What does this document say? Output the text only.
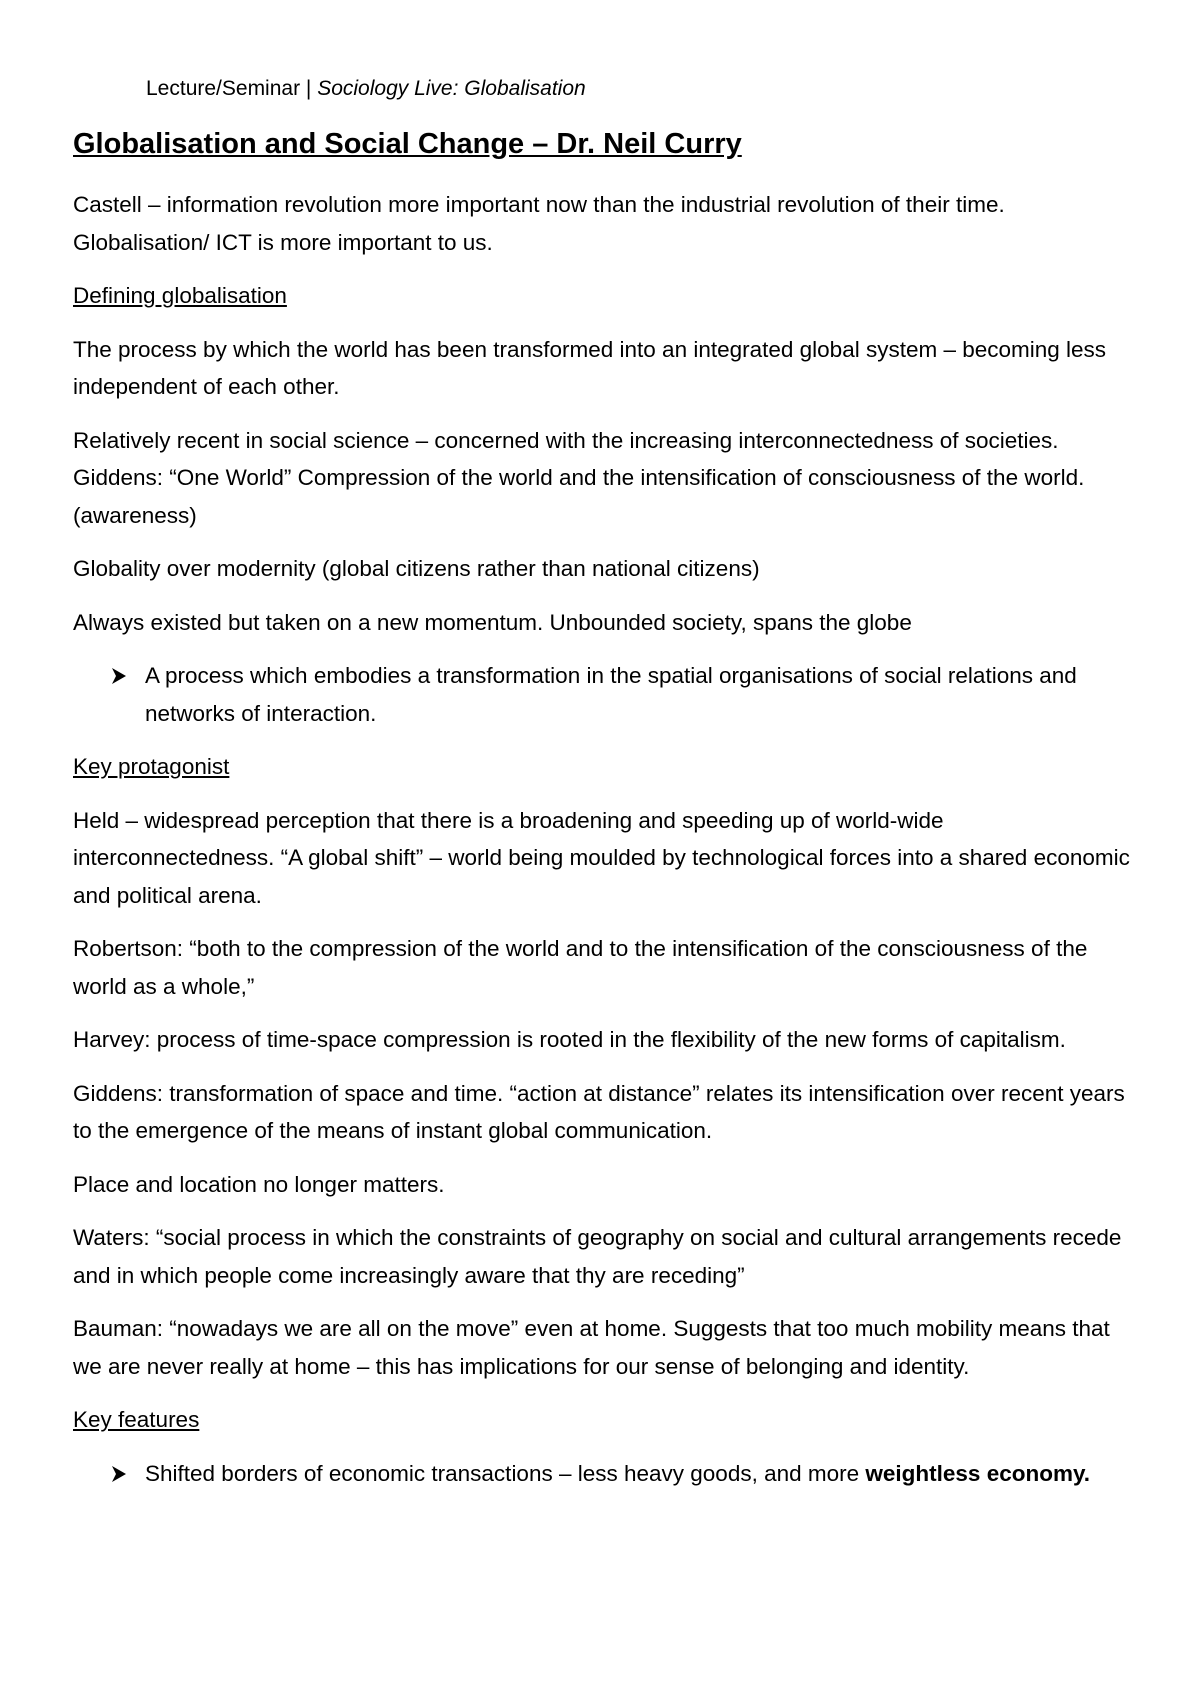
Lecture/Seminar | Sociology Live: Globalisation
Globalisation and Social Change – Dr. Neil Curry

Castell – information revolution more important now than the industrial revolution of their time. Globalisation/ ICT is more important to us.

Defining globalisation

The process by which the world has been transformed into an integrated global system – becoming less independent of each other.

Relatively recent in social science – concerned with the increasing interconnectedness of societies. Giddens: “One World” Compression of the world and the intensification of consciousness of the world. (awareness)

Globality over modernity (global citizens rather than national citizens)

Always existed but taken on a new momentum. Unbounded society, spans the globe

A process which embodies a transformation in the spatial organisations of social relations and networks of interaction.

Key protagonist

Held – widespread perception that there is a broadening and speeding up of world-wide interconnectedness. “A global shift” – world being moulded by technological forces into a shared economic and political arena.

Robertson: “both to the compression of the world and to the intensification of the consciousness of the world as a whole,”

Harvey: process of time-space compression is rooted in the flexibility of the new forms of capitalism.

Giddens: transformation of space and time. “action at distance” relates its intensification over recent years to the emergence of the means of instant global communication.

Place and location no longer matters.

Waters: “social process in which the constraints of geography on social and cultural arrangements recede and in which people come increasingly aware that thy are receding”

Bauman: “nowadays we are all on the move” even at home. Suggests that too much mobility means that we are never really at home – this has implications for our sense of belonging and identity.

Key features

Shifted borders of economic transactions – less heavy goods, and more weightless economy.
